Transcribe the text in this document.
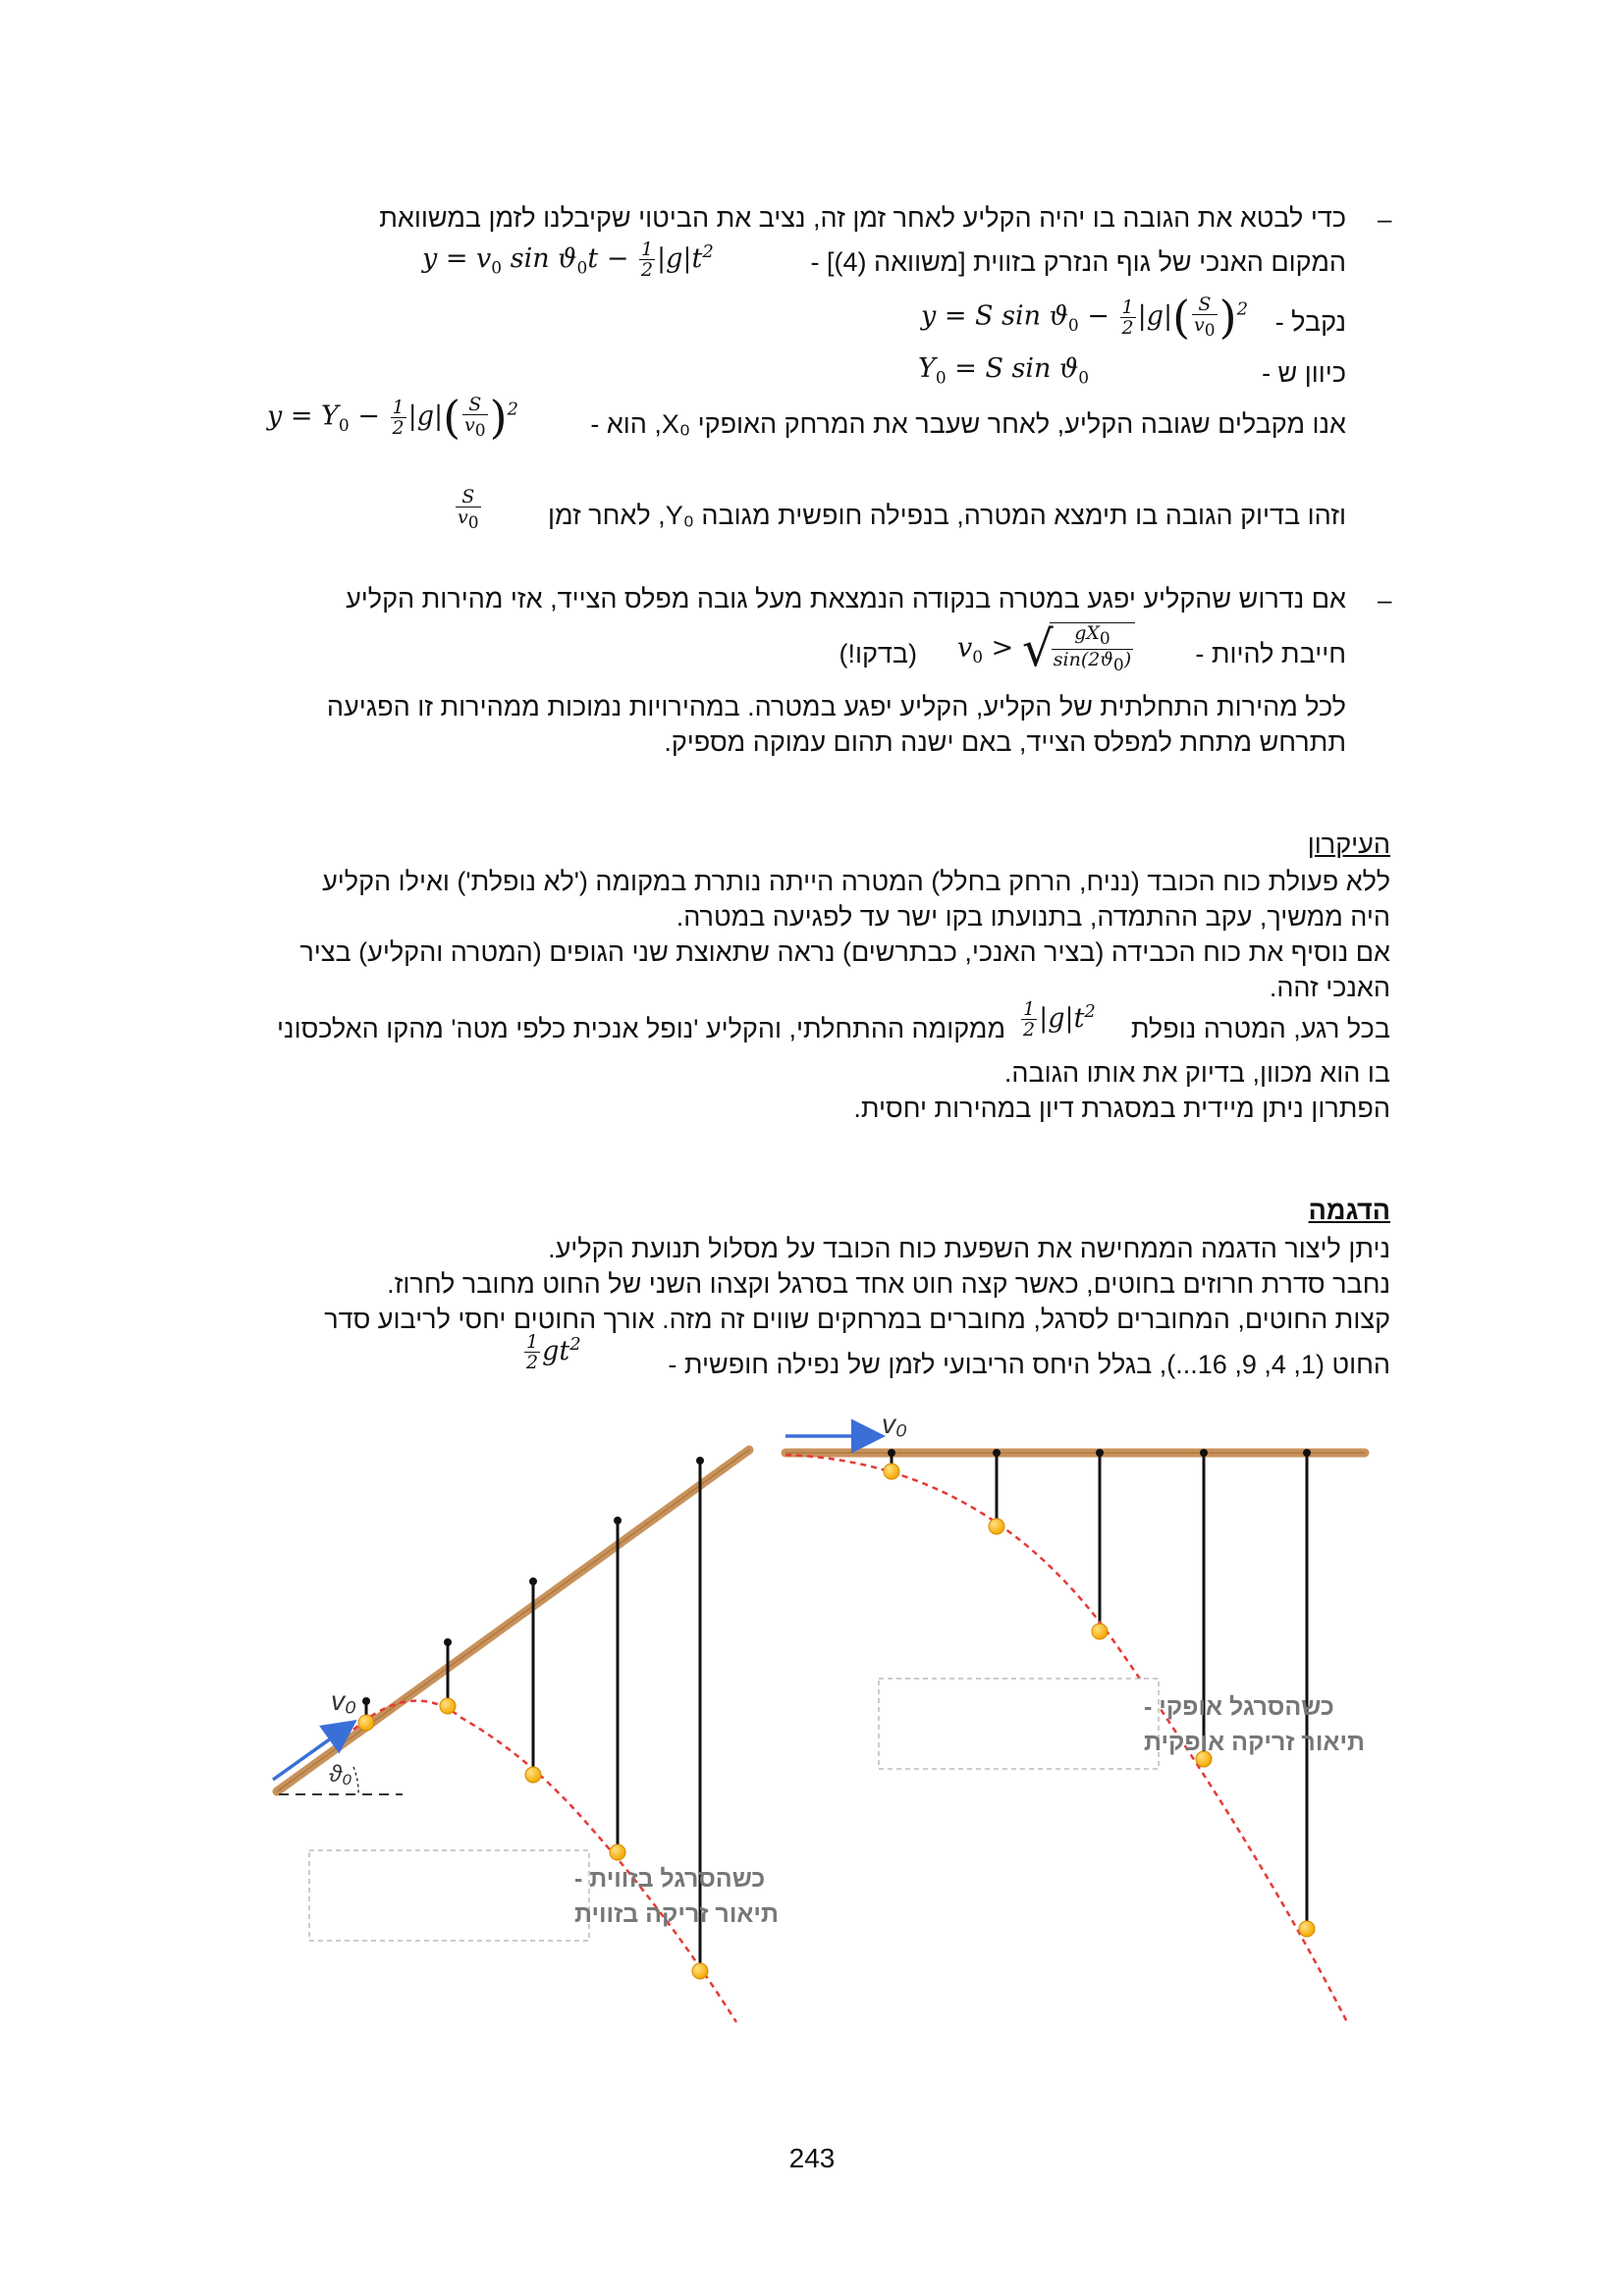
–
כדי לבטא את הגובה בו יהיה הקליע לאחר זמן זה, נציב את הביטוי שקיבלנו לזמן במשוואת
המקום האנכי של גוף הנזרק בזווית [משוואה (4)] -
$y = v_0$ $\sin ϑ_0t - \frac{1}{2} |g|t^2$
נקבל -
y = S $\sin ϑ_0 - \frac{1}{2} |g|( \frac{S}{v0} )^2$
כיוון ש -
$Y_0 = S$ $\sin ϑ_0$
אנו מקבלים שגובה הקליע, לאחר שעבר את המרחק האופקי X₀, הוא -
$y = Y_0 - \frac{1}{2} |g|( \frac{S}{v0} )^2$
וזהו בדיוק הגובה בו תימצא המטרה, בנפילה חופשית מגובה Y₀, לאחר זמן
$\frac{S}{v0}$
–
אם נדרוש שהקליע יפגע במטרה בנקודה הנמצאת מעל גובה מפלס הצייד, אזי מהירות הקליע
חייבת להיות -
$v_0$ > √
$\frac{gX0}{\sin(2ϑ0)}$
(בדקו!)
לכל מהירות התחלתית של הקליע, הקליע יפגע במטרה. במהירויות נמוכות ממהירות זו הפגיעה
תתרחש מתחת למפלס הצייד, באם ישנה תהום עמוקה מספיק.
העיקרון
ללא פעולת כוח הכובד (נניח, הרחק בחלל) המטרה הייתה נותרת במקומה ('לא נופלת') ואילו הקליע
היה ממשיך, עקב ההתמדה, בתנועתו בקו ישר עד לפגיעה במטרה.
אם נוסיף את כוח הכבידה (בציר האנכי, כבתרשים) נראה שתאוצת שני הגופים (המטרה והקליע) בציר
האנכי זהה.
בכל רגע, המטרה נופלת
$\frac{1}{2} |g|t^2$
ממקומה ההתחלתי, והקליע 'נופל אנכית כלפי מטה' מהקו האלכסוני
בו הוא מכוון, בדיוק את אותו הגובה.
הפתרון ניתן מיידית במסגרת דיון במהירות יחסית.
הדגמה
ניתן ליצור הדגמה הממחישה את השפעת כוח הכובד על מסלול תנועת הקליע.
נחבר סדרת חרוזים בחוטים, כאשר קצה חוט אחד בסרגל וקצהו השני של החוט מחובר לחרוז.
קצות החוטים, המחוברים לסרגל, מחוברים במרחקים שווים זה מזה. אורך החוטים יחסי לריבוע סדר
החוט (1, 4, 9, 16...), בגלל היחס הריבועי לזמן של נפילה חופשית -
$\frac{1}{2} gt^2$
v₀
ϑ₀
כשהסרגל בזווית -
תיאור זריקה בזווית
v₀
כשהסרגל אופקי -
תיאור זריקה אופקית
243
